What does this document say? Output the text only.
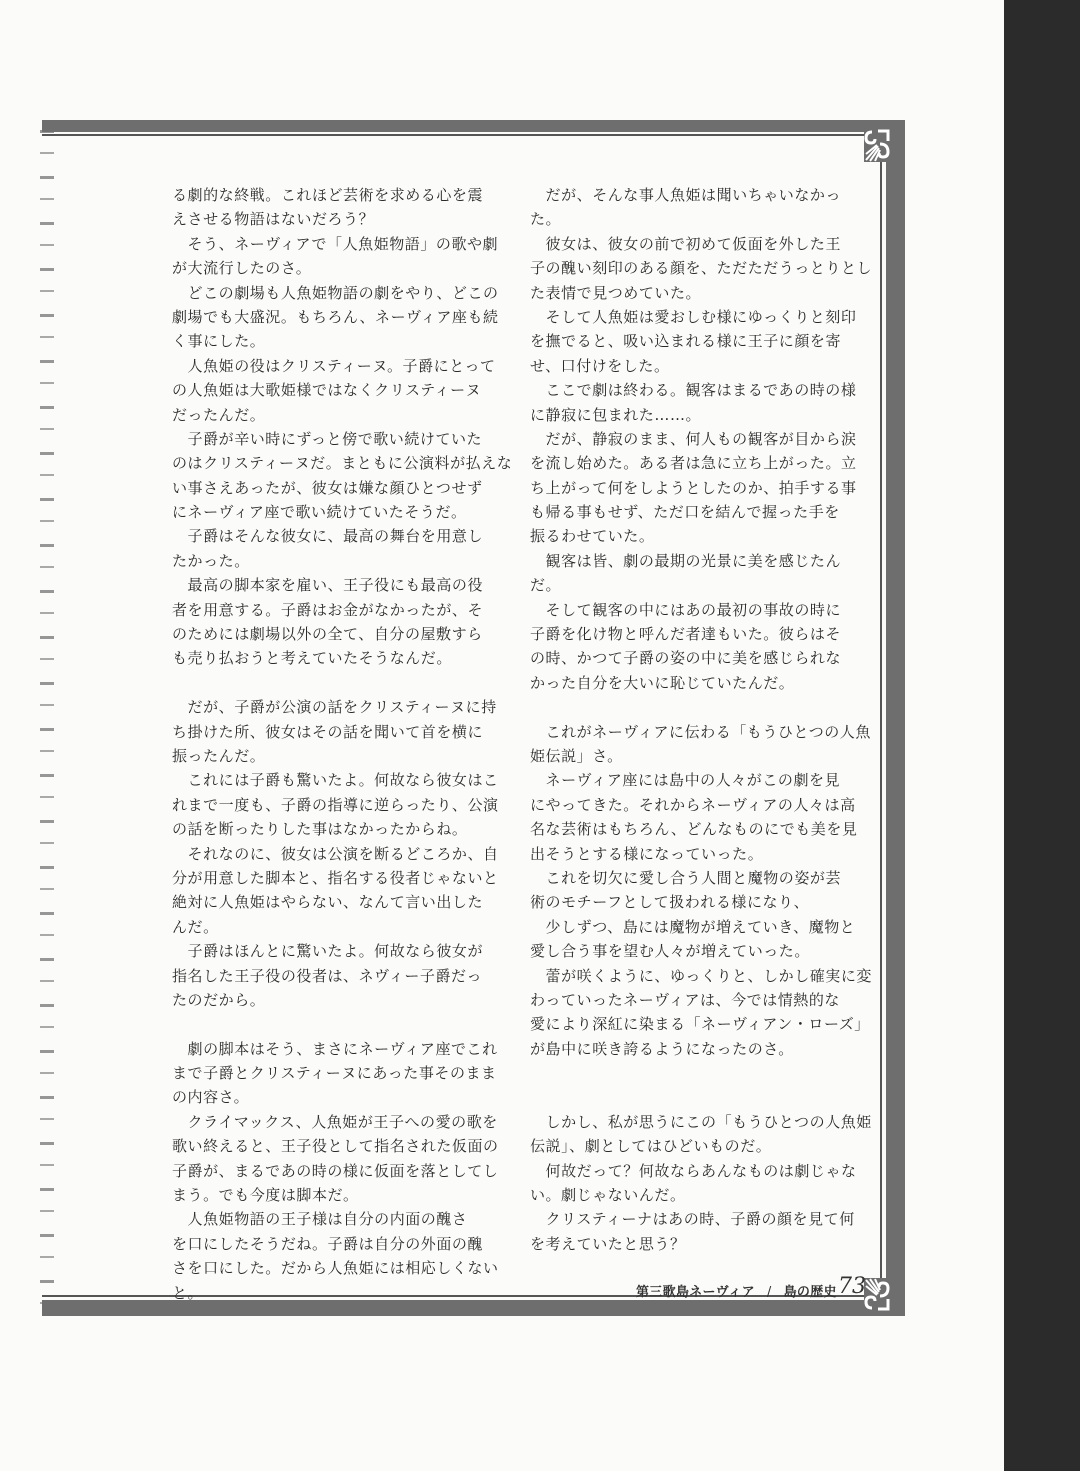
る劇的な終戦。これほど芸術を求める心を震
えさせる物語はないだろう？
　そう、ネーヴィアで「人魚姫物語」の歌や劇
が大流行したのさ。
　どこの劇場も人魚姫物語の劇をやり、どこの
劇場でも大盛況。もちろん、ネーヴィア座も続
く事にした。
　人魚姫の役はクリスティーヌ。子爵にとって
の人魚姫は大歌姫様ではなくクリスティーヌ
だったんだ。
　子爵が辛い時にずっと傍で歌い続けていた
のはクリスティーヌだ。まともに公演料が払えな
い事さえあったが、彼女は嫌な顔ひとつせず
にネーヴィア座で歌い続けていたそうだ。
　子爵はそんな彼女に、最高の舞台を用意し
たかった。
　最高の脚本家を雇い、王子役にも最高の役
者を用意する。子爵はお金がなかったが、そ
のためには劇場以外の全て、自分の屋敷すら
も売り払おうと考えていたそうなんだ。
　だが、子爵が公演の話をクリスティーヌに持
ち掛けた所、彼女はその話を聞いて首を横に
振ったんだ。
　これには子爵も驚いたよ。何故なら彼女はこ
れまで一度も、子爵の指導に逆らったり、公演
の話を断ったりした事はなかったからね。
　それなのに、彼女は公演を断るどころか、自
分が用意した脚本と、指名する役者じゃないと
絶対に人魚姫はやらない、なんて言い出した
んだ。
　子爵はほんとに驚いたよ。何故なら彼女が
指名した王子役の役者は、ネヴィー子爵だっ
たのだから。
　劇の脚本はそう、まさにネーヴィア座でこれ
まで子爵とクリスティーヌにあった事そのまま
の内容さ。
　クライマックス、人魚姫が王子への愛の歌を
歌い終えると、王子役として指名された仮面の
子爵が、まるであの時の様に仮面を落としてし
まう。でも今度は脚本だ。
　人魚姫物語の王子様は自分の内面の醜さ
を口にしたそうだね。子爵は自分の外面の醜
さを口にした。だから人魚姫には相応しくない
と。
　だが、そんな事人魚姫は聞いちゃいなかっ
た。
　彼女は、彼女の前で初めて仮面を外した王
子の醜い刻印のある顔を、ただただうっとりとし
た表情で見つめていた。
　そして人魚姫は愛おしむ様にゆっくりと刻印
を撫でると、吸い込まれる様に王子に顔を寄
せ、口付けをした。
　ここで劇は終わる。観客はまるであの時の様
に静寂に包まれた……。
　だが、静寂のまま、何人もの観客が目から涙
を流し始めた。ある者は急に立ち上がった。立
ち上がって何をしようとしたのか、拍手する事
も帰る事もせず、ただ口を結んで握った手を
振るわせていた。
　観客は皆、劇の最期の光景に美を感じたん
だ。
　そして観客の中にはあの最初の事故の時に
子爵を化け物と呼んだ者達もいた。彼らはそ
の時、かつて子爵の姿の中に美を感じられな
かった自分を大いに恥じていたんだ。
　これがネーヴィアに伝わる「もうひとつの人魚
姫伝説」さ。
　ネーヴィア座には島中の人々がこの劇を見
にやってきた。それからネーヴィアの人々は高
名な芸術はもちろん、どんなものにでも美を見
出そうとする様になっていった。
　これを切欠に愛し合う人間と魔物の姿が芸
術のモチーフとして扱われる様になり、
　少しずつ、島には魔物が増えていき、魔物と
愛し合う事を望む人々が増えていった。
　蕾が咲くように、ゆっくりと、しかし確実に変
わっていったネーヴィアは、今では情熱的な
愛により深紅に染まる「ネーヴィアン・ローズ」
が島中に咲き誇るようになったのさ。
　しかし、私が思うにこの「もうひとつの人魚姫
伝説」、劇としてはひどいものだ。
　何故だって？何故ならあんなものは劇じゃな
い。劇じゃないんだ。
　クリスティーナはあの時、子爵の顔を見て何
を考えていたと思う？
第三歌島ネーヴィア / 島の歴史 73
